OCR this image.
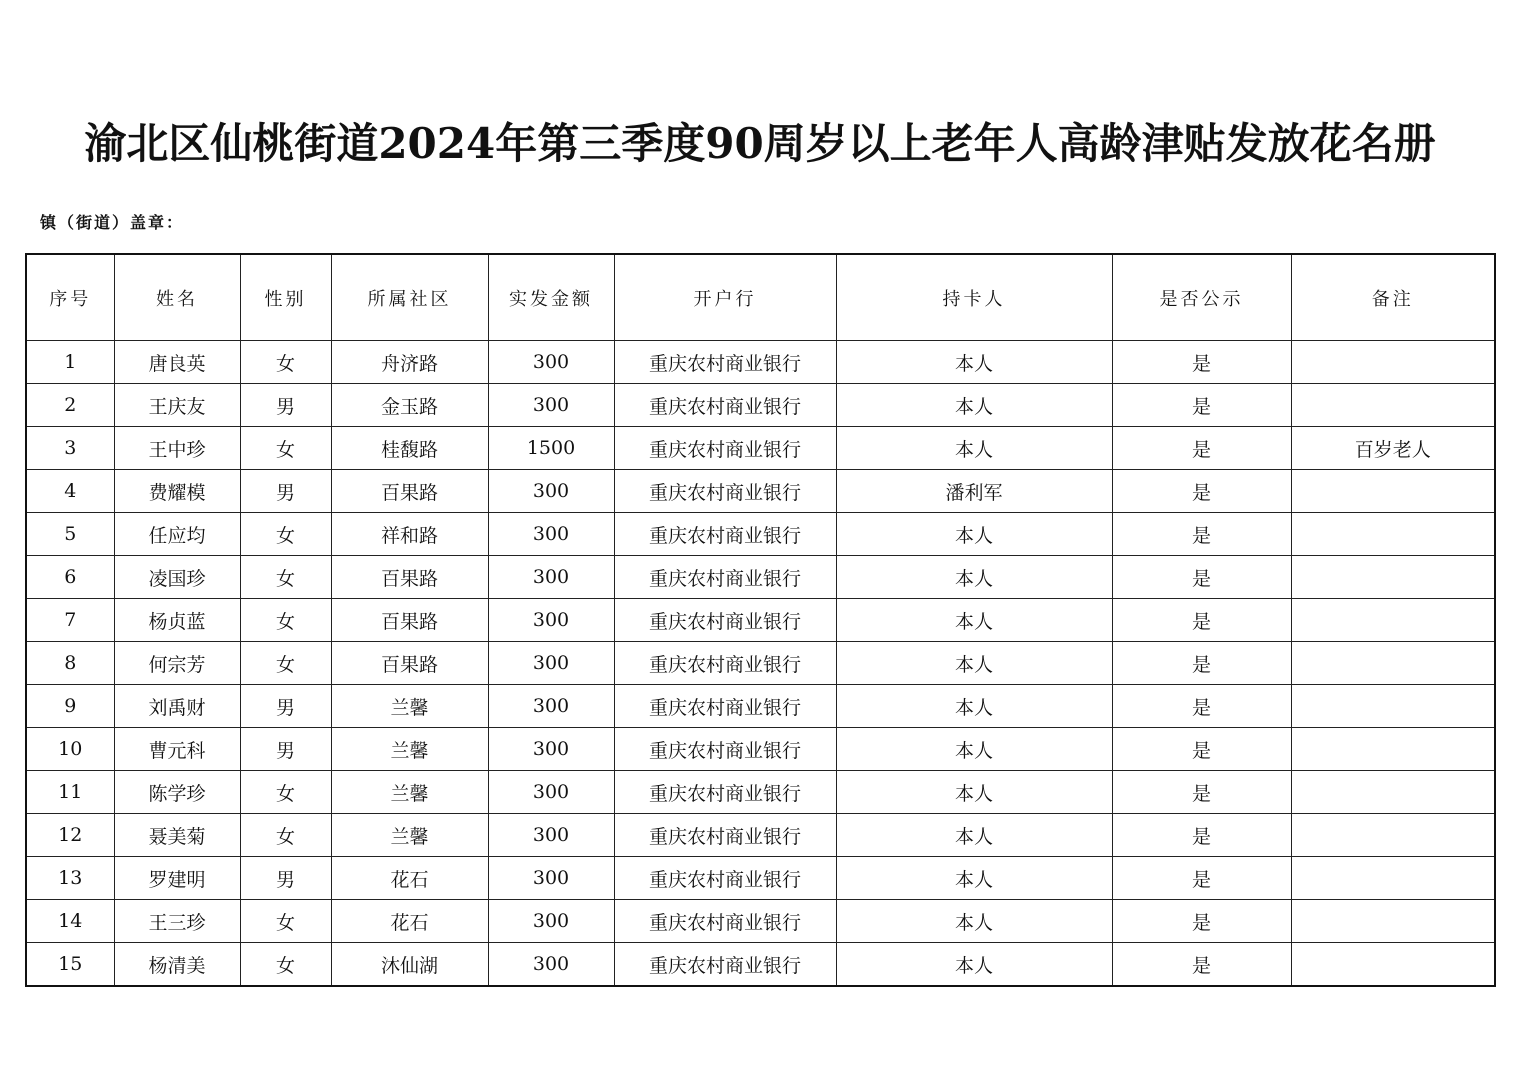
渝北区仙桃街道2024年第三季度90周岁以上老年人高龄津贴发放花名册
镇（街道）盖章：
序号	姓名	性别	所属社区	实发金额	开户行	持卡人	是否公示	备注
1	唐良英	女	舟济路	300	重庆农村商业银行	本人	是	
2	王庆友	男	金玉路	300	重庆农村商业银行	本人	是	
3	王中珍	女	桂馥路	1500	重庆农村商业银行	本人	是	百岁老人
4	费耀模	男	百果路	300	重庆农村商业银行	潘利军	是	
5	任应均	女	祥和路	300	重庆农村商业银行	本人	是	
6	凌国珍	女	百果路	300	重庆农村商业银行	本人	是	
7	杨贞蓝	女	百果路	300	重庆农村商业银行	本人	是	
8	何宗芳	女	百果路	300	重庆农村商业银行	本人	是	
9	刘禹财	男	兰馨	300	重庆农村商业银行	本人	是	
10	曹元科	男	兰馨	300	重庆农村商业银行	本人	是	
11	陈学珍	女	兰馨	300	重庆农村商业银行	本人	是	
12	聂美菊	女	兰馨	300	重庆农村商业银行	本人	是	
13	罗建明	男	花石	300	重庆农村商业银行	本人	是	
14	王三珍	女	花石	300	重庆农村商业银行	本人	是	
15	杨清美	女	沐仙湖	300	重庆农村商业银行	本人	是	
